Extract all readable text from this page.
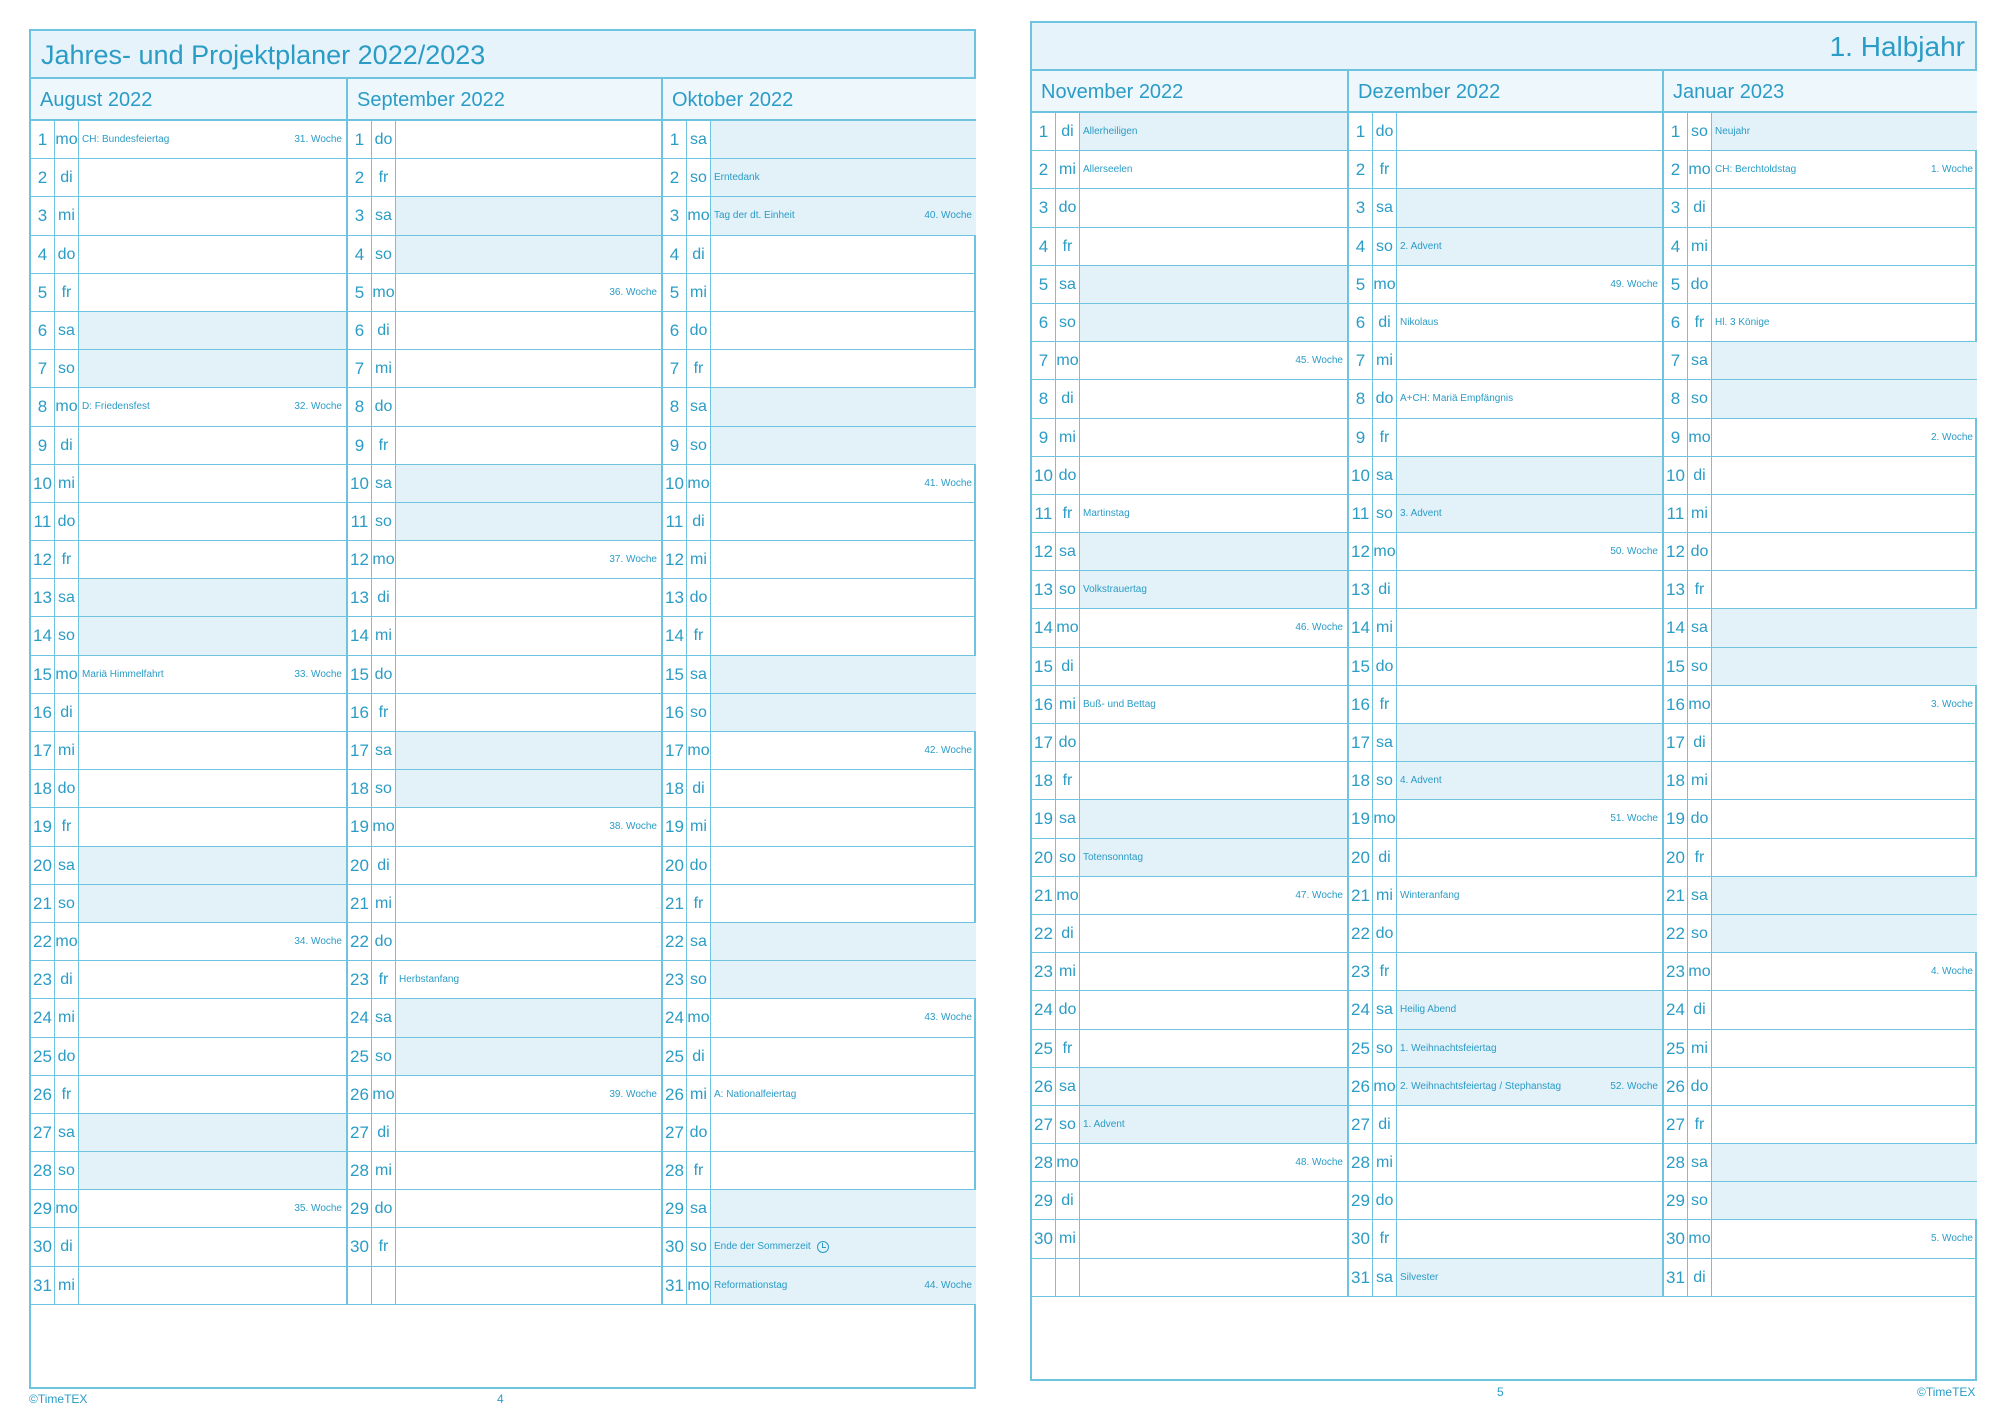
Jahres- und Projektplaner 2022/2023
August 2022
1 mo CH: Bundesfeiertag	31. Woche
2 di
3 mi
4 do
5 fr
6 sa
7 so
8 mo D: Friedensfest	32. Woche
9 di
10 mi
11 do
12 fr
13 sa
14 so
15 mo Mariä Himmelfahrt	33. Woche
16 di
17 mi
18 do
19 fr
20 sa
21 so
22 mo	34. Woche
23 di
24 mi
25 do
26 fr
27 sa
28 so
29 mo	35. Woche
30 di
31 mi
September 2022
1 do
2 fr
3 sa
4 so
5 mo	36. Woche
6 di
7 mi
8 do
9 fr
10 sa
11 so
12 mo	37. Woche
13 di
14 mi
15 do
16 fr
17 sa
18 so
19 mo	38. Woche
20 di
21 mi
22 do
23 fr	Herbstanfang
24 sa
25 so
26 mo	39. Woche
27 di
28 mi
29 do
30 fr
Oktober 2022
1 sa
2 so Erntedank
3 mo Tag der dt. Einheit	40. Woche
4 di
5 mi
6 do
7 fr
8 sa
9 so
10 mo	41. Woche
11 di
12 mi
13 do
14 fr
15 sa
16 so
17 mo	42. Woche
18 di
19 mi
20 do
21 fr
22 sa
23 so
24 mo	43. Woche
25 di
26 mi A: Nationalfeiertag
27 do
28 fr
29 sa
30 so Ende der Sommerzeit
31 mo Reformationstag	44. Woche
©TimeTEX	4
1. Halbjahr
November 2022
1 di Allerheiligen
2 mi Allerseelen
3 do
4 fr
5 sa
6 so
7 mo	45. Woche
8 di
9 mi
10 do
11 fr	Martinstag
12 sa
13 so Volkstrauertag
14 mo	46. Woche
15 di
16 mi Buß- und Bettag
17 do
18 fr
19 sa
20 so Totensonntag
21 mo	47. Woche
22 di
23 mi
24 do
25 fr
26 sa
27 so 1. Advent
28 mo	48. Woche
29 di
30 mi
Dezember 2022
1 do
2 fr
3 sa
4 so 2. Advent
5 mo	49. Woche
6 di Nikolaus
7 mi
8 do A+CH: Mariä Empfängnis
9 fr
10 sa
11 so 3. Advent
12 mo	50. Woche
13 di
14 mi
15 do
16 fr
17 sa
18 so 4. Advent
19 mo	51. Woche
20 di
21 mi Winteranfang
22 do
23 fr
24 sa Heilig Abend
25 so 1. Weihnachtsfeiertag
26 mo 2. Weihnachtsfeiertag / Stephanstag	52. Woche
27 di
28 mi
29 do
30 fr
31 sa Silvester
Januar 2023
1 so Neujahr
2 mo CH: Berchtoldstag	1. Woche
3 di
4 mi
5 do
6 fr	Hl. 3 Könige
7 sa
8 so
9 mo	2. Woche
10 di
11 mi
12 do
13 fr
14 sa
15 so
16 mo	3. Woche
17 di
18 mi
19 do
20 fr
21 sa
22 so
23 mo	4. Woche
24 di
25 mi
26 do
27 fr
28 sa
29 so
30 mo	5. Woche
31 di
5	©TimeTEX
